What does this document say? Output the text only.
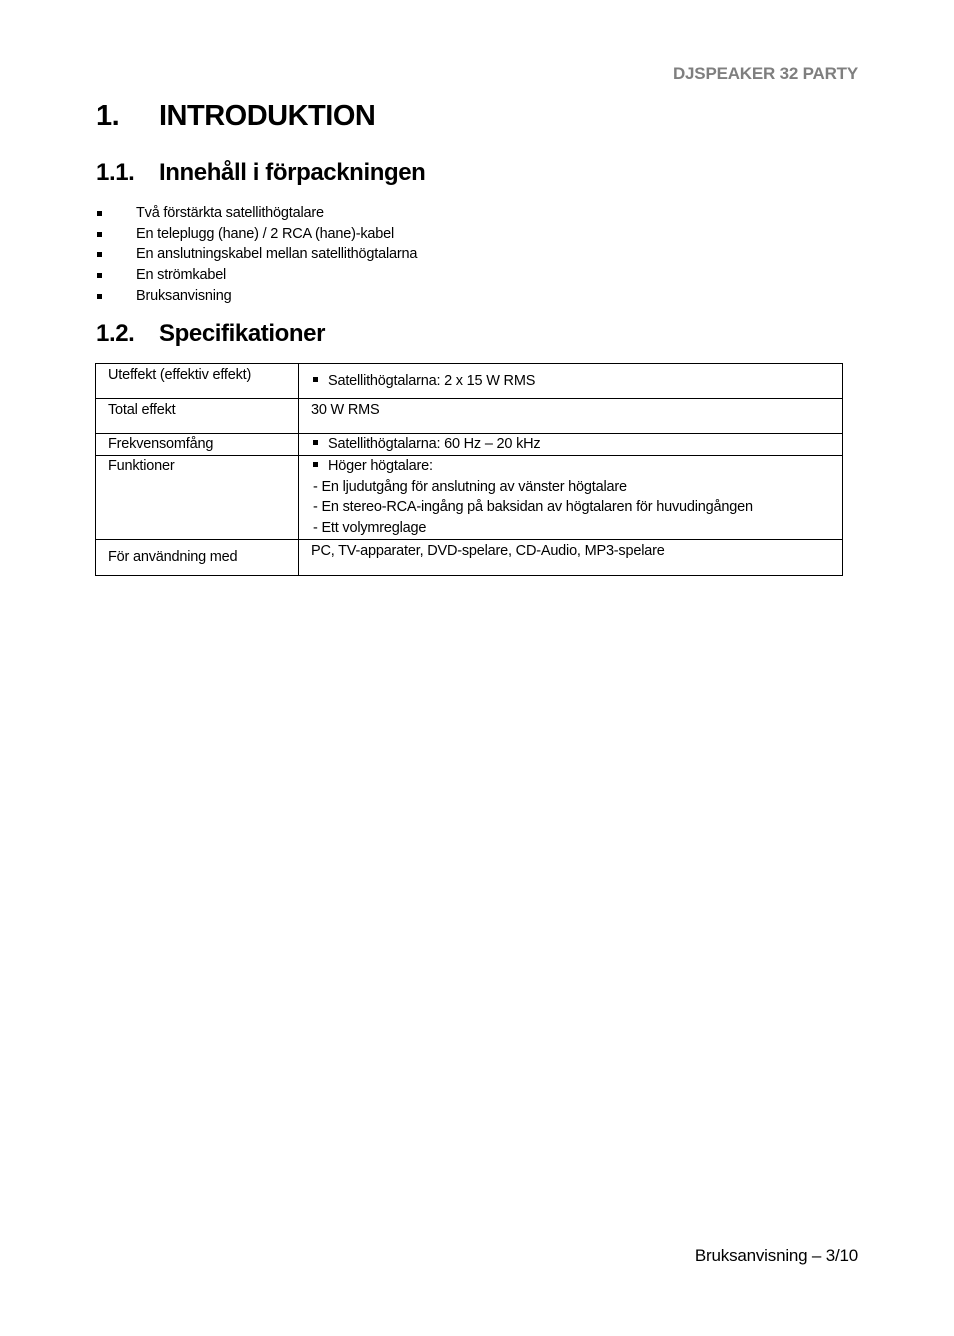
DJSPEAKER 32 PARTY
1.	INTRODUKTION
1.1.	Innehåll i förpackningen
Två förstärkta satellithögtalare
En teleplugg (hane) / 2 RCA (hane)-kabel
En anslutningskabel mellan satellithögtalarna
En strömkabel
Bruksanvisning
1.2.	Specifikationer
Uteffekt (effektiv effekt)	Satellithögtalarna: 2 x 15 W RMS

Total effekt	30 W RMS

Frekvensomfång	Satellithögtalarna: 60 Hz – 20 kHz

Funktioner	Höger högtalare:
- En ljudutgång för anslutning av vänster högtalare
- En stereo-RCA-ingång på baksidan av högtalaren för huvudingången
- Ett volymreglage

För användning med	PC, TV-apparater, DVD-spelare, CD-Audio, MP3-spelare
Bruksanvisning – 3/10
